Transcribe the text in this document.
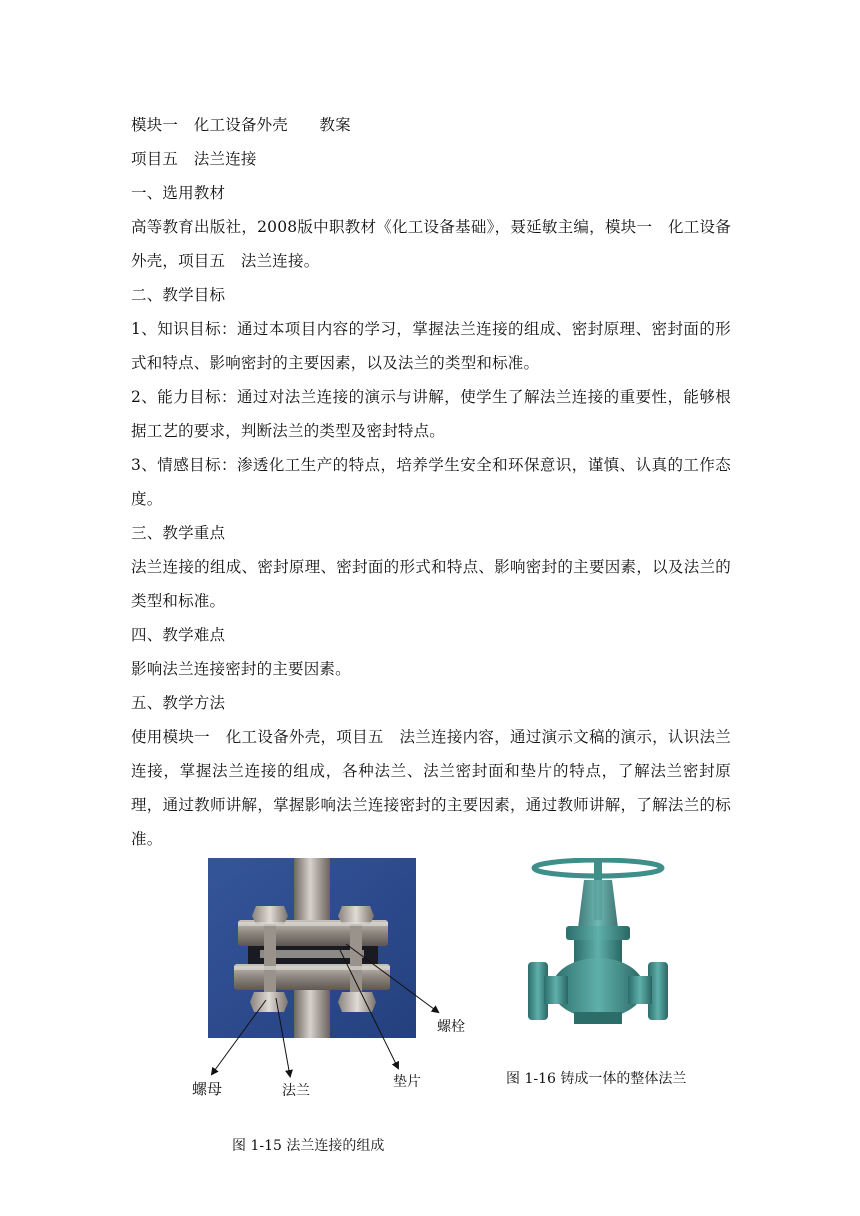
模块一　化工设备外壳　　教案

项目五　法兰连接

一、选用教材

高等教育出版社，2008版中职教材《化工设备基础》，聂延敏主编，模块一　化工设备外壳，项目五　法兰连接。

二、教学目标

1、知识目标：通过本项目内容的学习，掌握法兰连接的组成、密封原理、密封面的形式和特点、影响密封的主要因素，以及法兰的类型和标准。

2、能力目标：通过对法兰连接的演示与讲解，使学生了解法兰连接的重要性，能够根据工艺的要求，判断法兰的类型及密封特点。

3、情感目标：渗透化工生产的特点，培养学生安全和环保意识，谨慎、认真的工作态度。

三、教学重点

法兰连接的组成、密封原理、密封面的形式和特点、影响密封的主要因素，以及法兰的类型和标准。

四、教学难点

影响法兰连接密封的主要因素。

五、教学方法

使用模块一　化工设备外壳，项目五　法兰连接内容，通过演示文稿的演示，认识法兰连接，掌握法兰连接的组成，各种法兰、法兰密封面和垫片的特点，了解法兰密封原理，通过教师讲解，掌握影响法兰连接密封的主要因素，通过教师讲解，了解法兰的标准。

螺栓
螺母	法兰
垫片	图 1-16 铸成一体的整体法兰
图 1-15 法兰连接的组成
